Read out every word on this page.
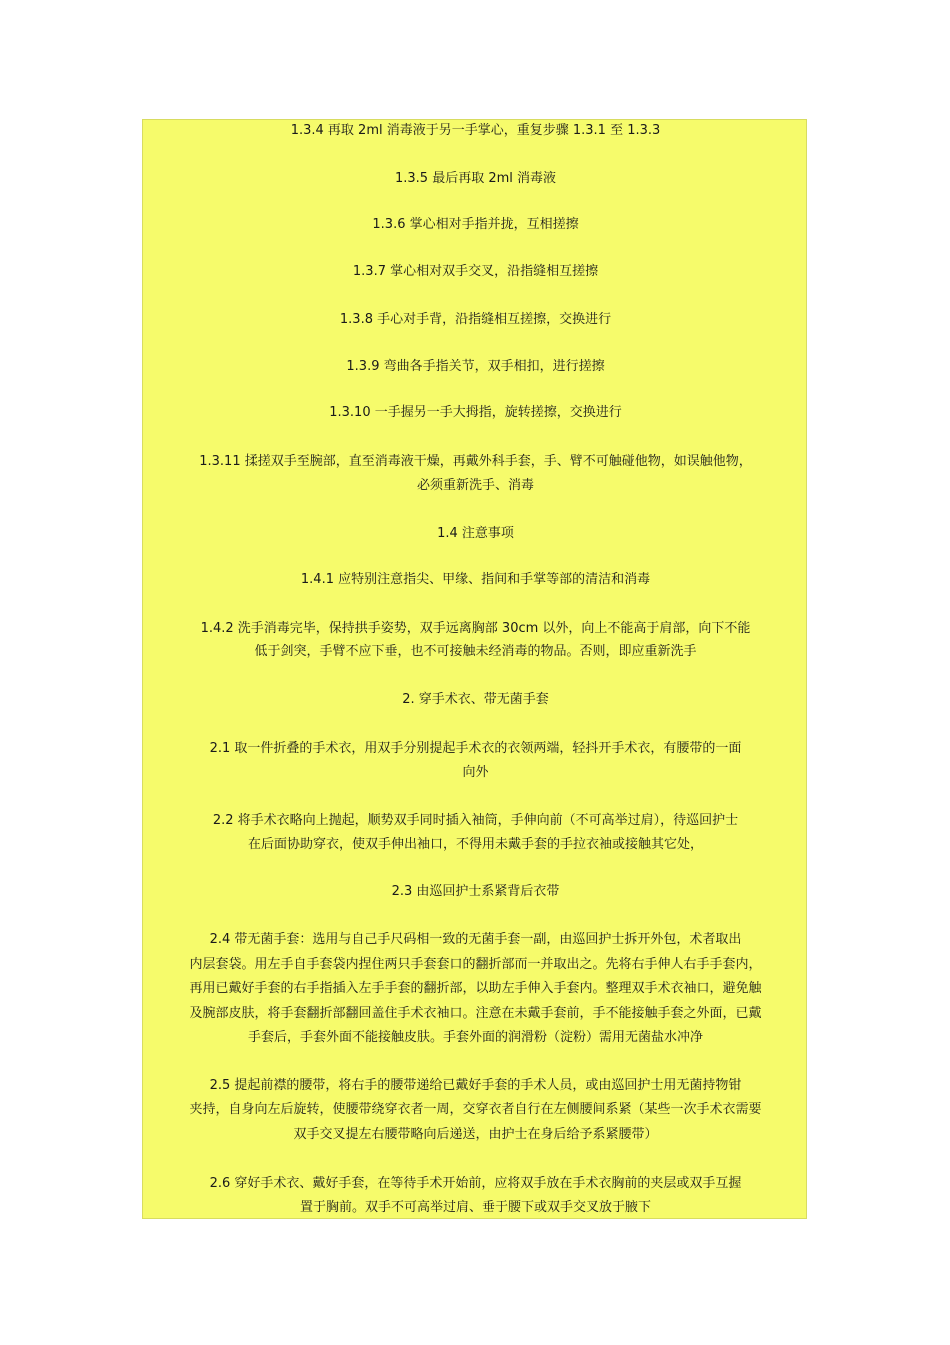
1.3.4 再取 2ml 消毒液于另一手掌心，重复步骤 1.3.1 至 1.3.3
1.3.5 最后再取 2ml 消毒液
1.3.6 掌心相对手指并拢，互相搓擦
1.3.7 掌心相对双手交叉，沿指缝相互搓擦
1.3.8 手心对手背，沿指缝相互搓擦，交换进行
1.3.9 弯曲各手指关节，双手相扣，进行搓擦
1.3.10 一手握另一手大拇指，旋转搓擦，交换进行
1.3.11 揉搓双手至腕部，直至消毒液干燥，再戴外科手套，手、臂不可触碰他物，如误触他物，
必须重新洗手、消毒
1.4 注意事项
1.4.1 应特别注意指尖、甲缘、指间和手掌等部的清洁和消毒
1.4.2 洗手消毒完毕，保持拱手姿势，双手远离胸部 30cm 以外，向上不能高于肩部，向下不能
低于剑突，手臂不应下垂，也不可接触未经消毒的物品。否则，即应重新洗手
2. 穿手术衣、带无菌手套
2.1 取一件折叠的手术衣，用双手分别提起手术衣的衣领两端，轻抖开手术衣，有腰带的一面
向外
2.2 将手术衣略向上抛起，顺势双手同时插入袖筒，手伸向前（不可高举过肩），待巡回护士
在后面协助穿衣，使双手伸出袖口，不得用未戴手套的手拉衣袖或接触其它处，
2.3 由巡回护士系紧背后衣带
2.4 带无菌手套：选用与自己手尺码相一致的无菌手套一副，由巡回护士拆开外包，术者取出
内层套袋。用左手自手套袋内捏住两只手套套口的翻折部而一并取出之。先将右手伸人右手手套内，
再用已戴好手套的右手指插入左手手套的翻折部，以助左手伸入手套内。整理双手术衣袖口，避免触
及腕部皮肤，将手套翻折部翻回盖住手术衣袖口。注意在未戴手套前，手不能接触手套之外面，已戴
手套后，手套外面不能接触皮肤。手套外面的润滑粉（淀粉）需用无菌盐水冲净
2.5 提起前襟的腰带，将右手的腰带递给已戴好手套的手术人员，或由巡回护士用无菌持物钳
夹持，自身向左后旋转，使腰带绕穿衣者一周，交穿衣者自行在左侧腰间系紧（某些一次手术衣需要
双手交叉提左右腰带略向后递送，由护士在身后给予系紧腰带）
2.6 穿好手术衣、戴好手套，在等待手术开始前，应将双手放在手术衣胸前的夹层或双手互握
置于胸前。双手不可高举过肩、垂于腰下或双手交叉放于腋下
